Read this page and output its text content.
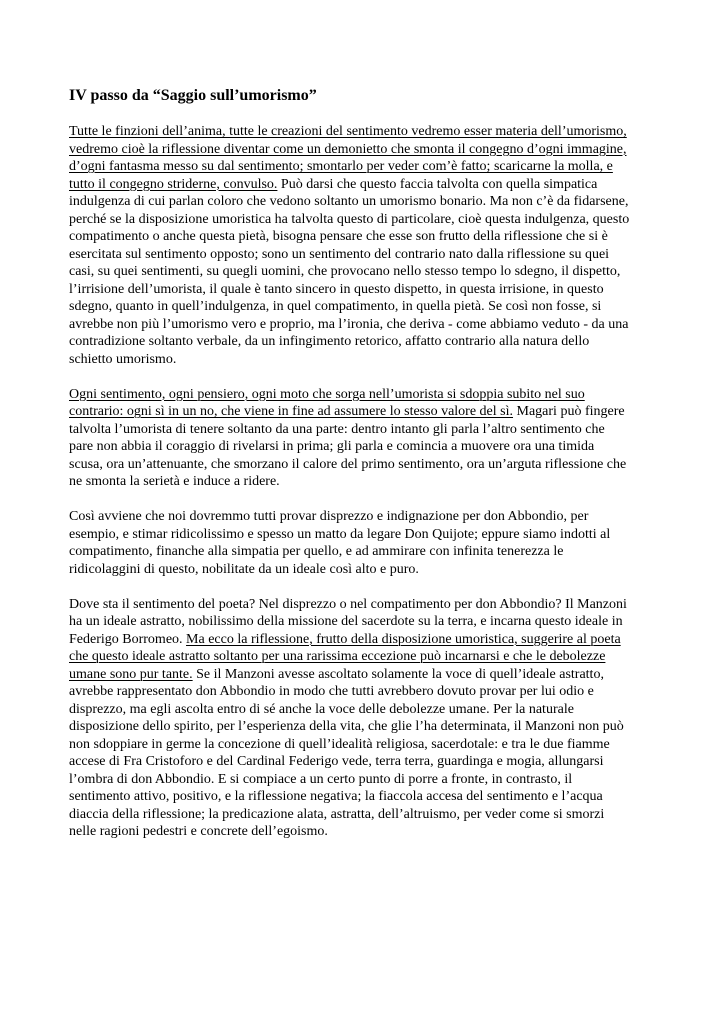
IV passo da “Saggio sull’umorismo”
Tutte le finzioni dell’anima, tutte le creazioni del sentimento vedremo esser materia dell’umorismo,
vedremo cioè la riflessione diventar come un demonietto che smonta il congegno d’ogni immagine,
d’ogni fantasma messo su dal sentimento; smontarlo per veder com’è fatto; scaricarne la molla, e
tutto il congegno striderne, convulso. Può darsi che questo faccia talvolta con quella simpatica
indulgenza di cui parlan coloro che vedono soltanto un umorismo bonario. Ma non c’è da fidarsene,
perché se la disposizione umoristica ha talvolta questo di particolare, cioè questa indulgenza, questo
compatimento o anche questa pietà, bisogna pensare che esse son frutto della riflessione che si è
esercitata sul sentimento opposto; sono un sentimento del contrario nato dalla riflessione su quei
casi, su quei sentimenti, su quegli uomini, che provocano nello stesso tempo lo sdegno, il dispetto,
l’irrisione dell’umorista, il quale è tanto sincero in questo dispetto, in questa irrisione, in questo
sdegno, quanto in quell’indulgenza, in quel compatimento, in quella pietà. Se così non fosse, si
avrebbe non più l’umorismo vero e proprio, ma l’ironia, che deriva - come abbiamo veduto - da una
contradizione soltanto verbale, da un infingimento retorico, affatto contrario alla natura dello
schietto umorismo.
Ogni sentimento, ogni pensiero, ogni moto che sorga nell’umorista si sdoppia subito nel suo
contrario: ogni sì in un no, che viene in fine ad assumere lo stesso valore del sì. Magari può fingere
talvolta l’umorista di tenere soltanto da una parte: dentro intanto gli parla l’altro sentimento che
pare non abbia il coraggio di rivelarsi in prima; gli parla e comincia a muovere ora una timida
scusa, ora un’attenuante, che smorzano il calore del primo sentimento, ora un’arguta riflessione che
ne smonta la serietà e induce a ridere.
Così avviene che noi dovremmo tutti provar disprezzo e indignazione per don Abbondio, per
esempio, e stimar ridicolissimo e spesso un matto da legare Don Quijote; eppure siamo indotti al
compatimento, finanche alla simpatia per quello, e ad ammirare con infinita tenerezza le
ridicolaggini di questo, nobilitate da un ideale così alto e puro.
Dove sta il sentimento del poeta? Nel disprezzo o nel compatimento per don Abbondio? Il Manzoni
ha un ideale astratto, nobilissimo della missione del sacerdote su la terra, e incarna questo ideale in
Federigo Borromeo. Ma ecco la riflessione, frutto della disposizione umoristica, suggerire al poeta
che questo ideale astratto soltanto per una rarissima eccezione può incarnarsi e che le debolezze
umane sono pur tante. Se il Manzoni avesse ascoltato solamente la voce di quell’ideale astratto,
avrebbe rappresentato don Abbondio in modo che tutti avrebbero dovuto provar per lui odio e
disprezzo, ma egli ascolta entro di sé anche la voce delle debolezze umane. Per la naturale
disposizione dello spirito, per l’esperienza della vita, che glie l’ha determinata, il Manzoni non può
non sdoppiare in germe la concezione di quell’idealità religiosa, sacerdotale: e tra le due fiamme
accese di Fra Cristoforo e del Cardinal Federigo vede, terra terra, guardinga e mogia, allungarsi
l’ombra di don Abbondio. E si compiace a un certo punto di porre a fronte, in contrasto, il
sentimento attivo, positivo, e la riflessione negativa; la fiaccola accesa del sentimento e l’acqua
diaccia della riflessione; la predicazione alata, astratta, dell’altruismo, per veder come si smorzi
nelle ragioni pedestri e concrete dell’egoismo.
